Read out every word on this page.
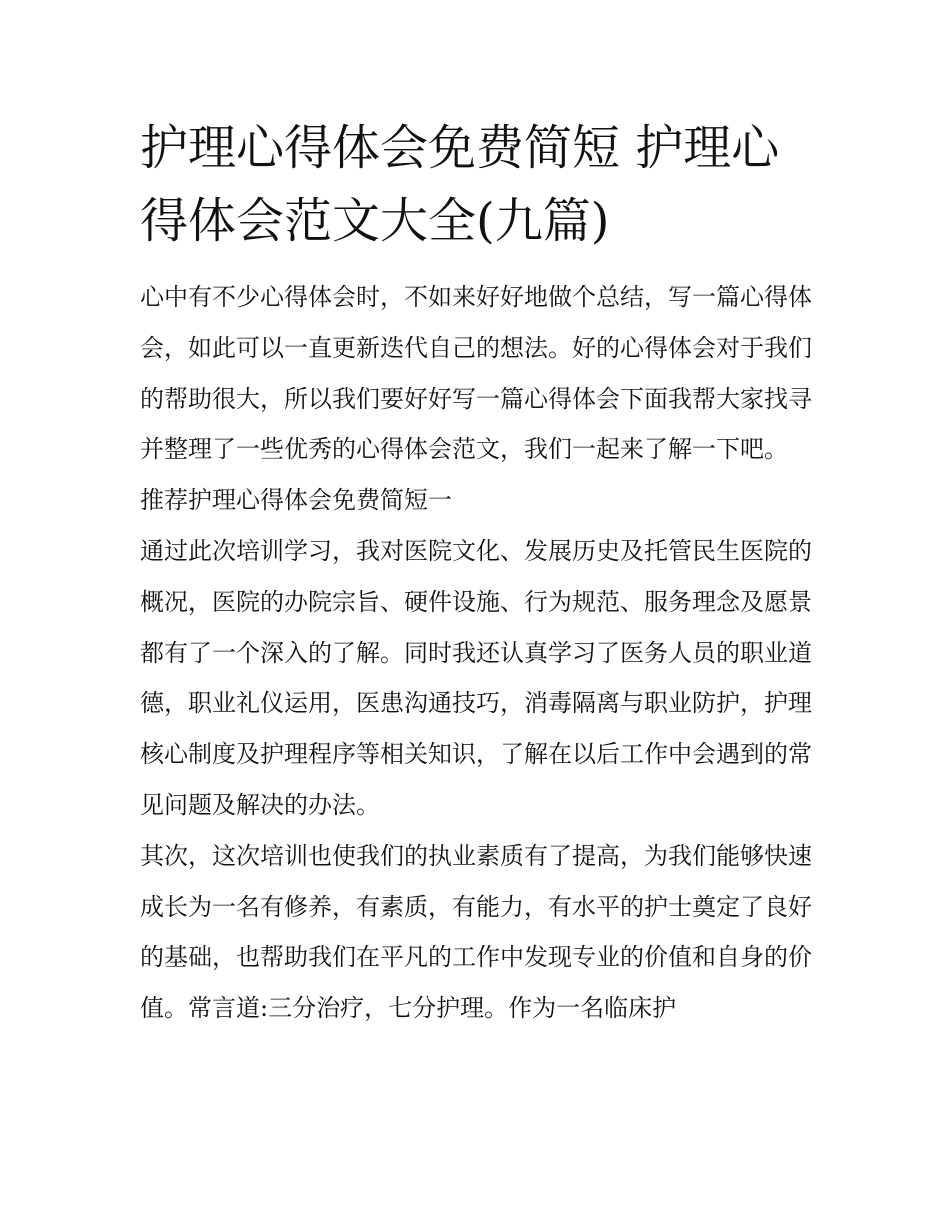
护理心得体会免费简短 护理心得体会范文大全(九篇)

心中有不少心得体会时，不如来好好地做个总结，写一篇心得体会，如此可以一直更新迭代自己的想法。好的心得体会对于我们的帮助很大，所以我们要好好写一篇心得体会下面我帮大家找寻并整理了一些优秀的心得体会范文，我们一起来了解一下吧。

推荐护理心得体会免费简短一

通过此次培训学习，我对医院文化、发展历史及托管民生医院的概况，医院的办院宗旨、硬件设施、行为规范、服务理念及愿景都有了一个深入的了解。同时我还认真学习了医务人员的职业道德，职业礼仪运用，医患沟通技巧，消毒隔离与职业防护，护理核心制度及护理程序等相关知识，了解在以后工作中会遇到的常见问题及解决的办法。

其次，这次培训也使我们的执业素质有了提高，为我们能够快速成长为一名有修养，有素质，有能力，有水平的护士奠定了良好的基础，也帮助我们在平凡的工作中发现专业的价值和自身的价值。常言道:三分治疗，七分护理。作为一名临床护
